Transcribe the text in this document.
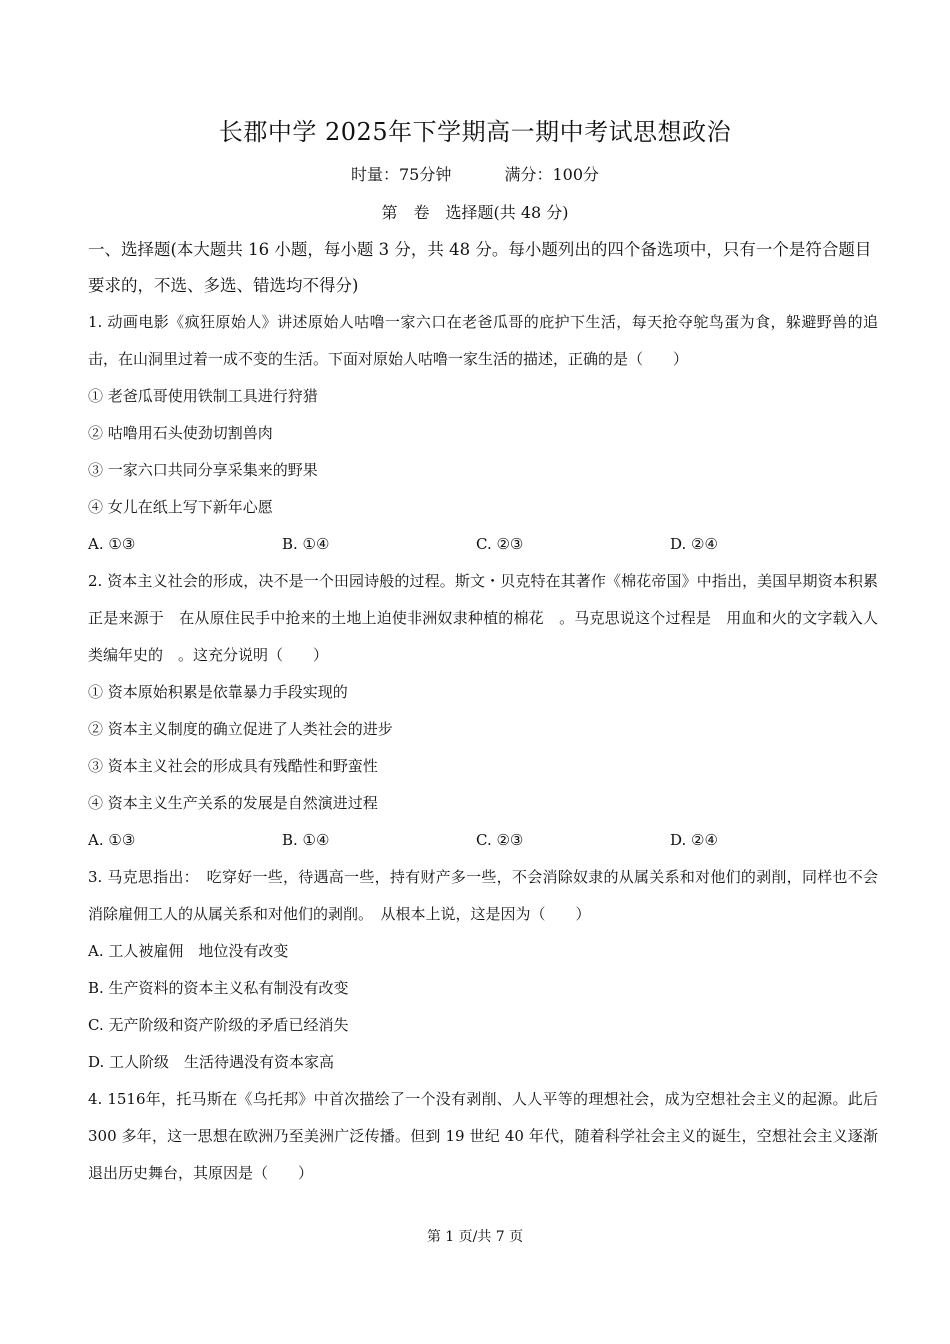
长郡中学 2025年下学期高一期中考试思想政治
时量：75分钟	满分：100分
第　卷　选择题(共 48 分)

一、选择题(本大题共 16 小题，每小题 3 分，共 48 分。每小题列出的四个备选项中，只有一个是符合题目要求的，不选、多选、错选均不得分)

1. 动画电影《疯狂原始人》讲述原始人咕噜一家六口在老爸瓜哥的庇护下生活，每天抢夺鸵鸟蛋为食，躲避野兽的追击，在山洞里过着一成不变的生活。下面对原始人咕噜一家生活的描述，正确的是（　　）

① 老爸瓜哥使用铁制工具进行狩猎

② 咕噜用石头使劲切割兽肉

③ 一家六口共同分享采集来的野果

④ 女儿在纸上写下新年心愿

A. ①③	B. ①④	C. ②③	D. ②④

2. 资本主义社会的形成，决不是一个田园诗般的过程。斯文・贝克特在其著作《棉花帝国》中指出，美国早期资本积累正是来源于　在从原住民手中抢来的土地上迫使非洲奴隶种植的棉花　。马克思说这个过程是　用血和火的文字载入人类编年史的　。这充分说明（　　）

① 资本原始积累是依靠暴力手段实现的

② 资本主义制度的确立促进了人类社会的进步

③ 资本主义社会的形成具有残酷性和野蛮性

④ 资本主义生产关系的发展是自然演进过程

A. ①③	B. ①④	C. ②③	D. ②④

3. 马克思指出：　吃穿好一些，待遇高一些，持有财产多一些，不会消除奴隶的从属关系和对他们的剥削，同样也不会消除雇佣工人的从属关系和对他们的剥削。　从根本上说，这是因为（　　）

A. 工人被雇佣　地位没有改变

B. 生产资料的资本主义私有制没有改变

C. 无产阶级和资产阶级的矛盾已经消失

D. 工人阶级　生活待遇没有资本家高

4. 1516年，托马斯在《乌托邦》中首次描绘了一个没有剥削、人人平等的理想社会，成为空想社会主义的起源。此后 300 多年，这一思想在欧洲乃至美洲广泛传播。但到 19 世纪 40 年代，随着科学社会主义的诞生，空想社会主义逐渐退出历史舞台，其原因是（　　）

第 1 页/共 7 页
